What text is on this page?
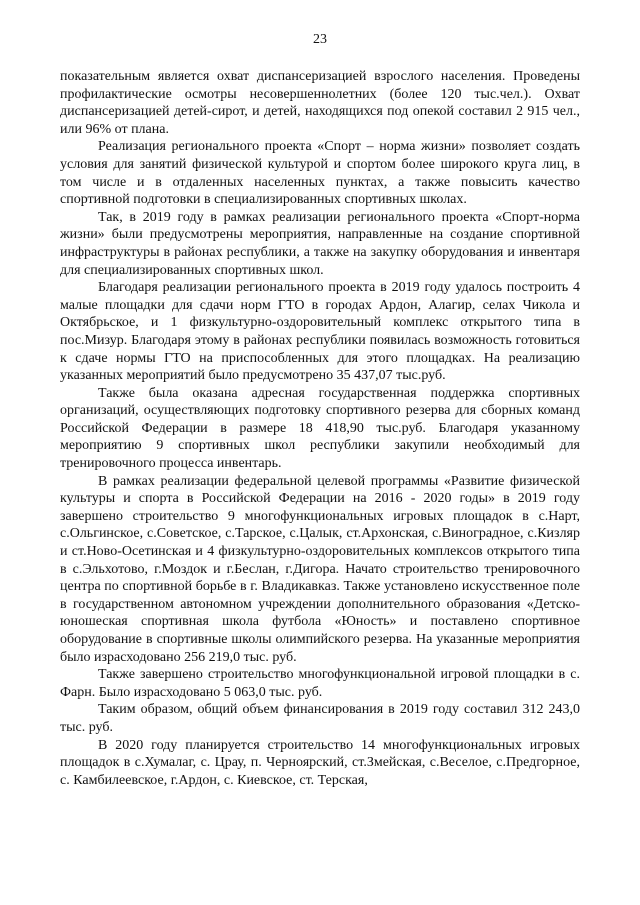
23

показательным является охват диспансеризацией взрослого населения. Проведены профилактические осмотры несовершеннолетних (более 120 тыс.чел.). Охват диспансеризацией детей-сирот, и детей, находящихся под опекой составил 2 915 чел., или 96% от плана.

Реализация регионального проекта «Спорт – норма жизни» позволяет создать условия для занятий физической культурой и спортом более широкого круга лиц, в том числе и в отдаленных населенных пунктах, а также повысить качество спортивной подготовки в специализированных спортивных школах.

Так, в 2019 году в рамках реализации регионального проекта «Спорт-норма жизни» были предусмотрены мероприятия, направленные на создание спортивной инфраструктуры в районах республики, а также на закупку оборудования и инвентаря для специализированных спортивных школ.

Благодаря реализации регионального проекта в 2019 году удалось построить 4 малые площадки для сдачи норм ГТО в городах Ардон, Алагир, селах Чикола и Октябрьское, и 1 физкультурно-оздоровительный комплекс открытого типа в пос.Мизур. Благодаря этому в районах республики появилась возможность готовиться к сдаче нормы ГТО на приспособленных для этого площадках. На реализацию указанных мероприятий было предусмотрено 35 437,07 тыс.руб.

Также была оказана адресная государственная поддержка спортивных организаций, осуществляющих подготовку спортивного резерва для сборных команд Российской Федерации в размере 18 418,90 тыс.руб. Благодаря указанному мероприятию 9 спортивных школ республики закупили необходимый для тренировочного процесса инвентарь.

В рамках реализации федеральной целевой программы «Развитие физической культуры и спорта в Российской Федерации на 2016 - 2020 годы» в 2019 году завершено строительство 9 многофункциональных игровых площадок в с.Нарт, с.Ольгинское, с.Советское, с.Тарское, с.Цалык, ст.Архонская, с.Виноградное, с.Кизляр и ст.Ново-Осетинская и 4 физкультурно-оздоровительных комплексов открытого типа в с.Эльхотово, г.Моздок и г.Беслан, г.Дигора. Начато строительство тренировочного центра по спортивной борьбе в г. Владикавказ. Также установлено искусственное поле в государственном автономном учреждении дополнительного образования «Детско-юношеская спортивная школа футбола «Юность» и поставлено спортивное оборудование в спортивные школы олимпийского резерва. На указанные мероприятия было израсходовано 256 219,0 тыс. руб.

Также завершено строительство многофункциональной игровой площадки в с. Фарн. Было израсходовано 5 063,0 тыс. руб.

Таким образом, общий объем финансирования в 2019 году составил 312 243,0 тыс. руб.

В 2020 году планируется строительство 14 многофункциональных игровых площадок в с.Хумалаг, с. Црау, п. Черноярский, ст.Змейская, с.Веселое, с.Предгорное, с. Камбилеевское, г.Ардон, с. Киевское, ст. Терская,
